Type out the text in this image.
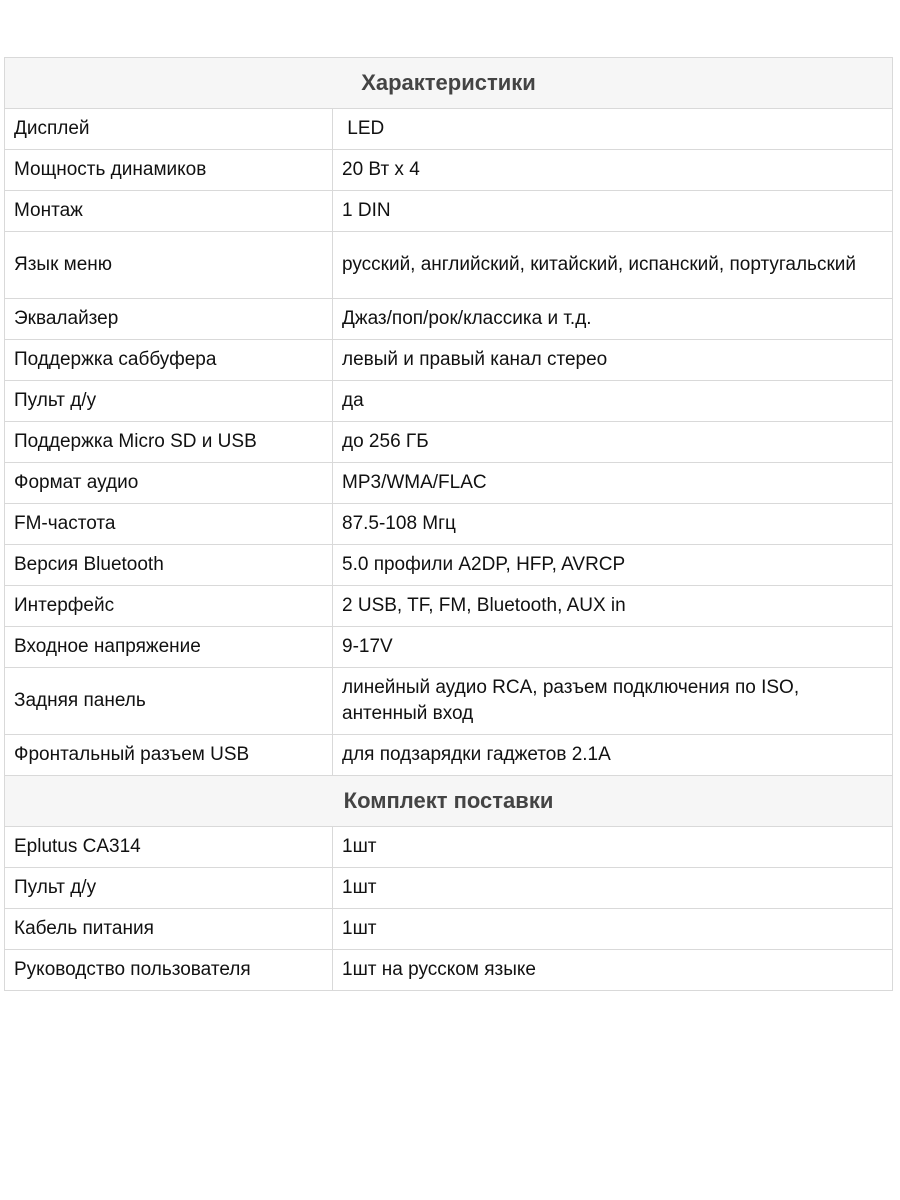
Характеристики	
Дисплей	LED
Мощность динамиков	20 Вт х 4
Монтаж	1 DIN
Язык меню	русский, английский, китайский, испанский, португальский
Эквалайзер	Джаз/поп/рок/классика и т.д.
Поддержка саббуфера	левый и правый канал стерео
Пульт д/у	да
Поддержка Micro SD и USB	до 256 ГБ
Формат аудио	MP3/WMA/FLAC
FM-частота	87.5-108 Мгц
Версия Bluetooth	5.0 профили A2DP, HFP, AVRCP
Интерфейс	2 USB, TF, FM, Bluetooth, AUX in
Входное напряжение	9-17V
Задняя панель	линейный аудио RCA, разъем подключения по ISO, антенный вход
Фронтальный разъем USB	для подзарядки гаджетов 2.1А
Комплект поставки	
Eplutus CA314	1шт
Пульт д/у	1шт
Кабель питания	1шт
Руководство пользователя	1шт на русском языке
